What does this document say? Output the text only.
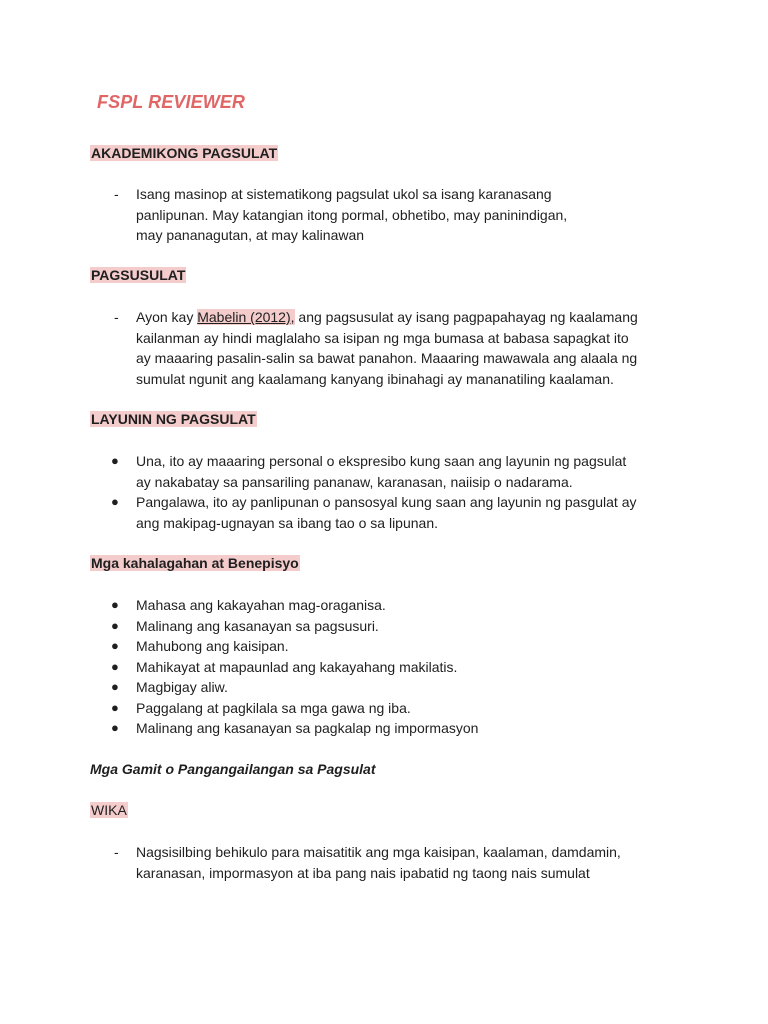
FSPL REVIEWER
AKADEMIKONG PAGSULAT
-	Isang masinop at sistematikong pagsulat ukol sa isang karanasang
panlipunan. May katangian itong pormal, obhetibo, may paninindigan,
may pananagutan, at may kalinawan
PAGSUSULAT
-	Ayon kay Mabelin (2012), ang pagsusulat ay isang pagpapahayag ng kaalamang
kailanman ay hindi maglalaho sa isipan ng mga bumasa at babasa sapagkat ito
ay maaaring pasalin-salin sa bawat panahon. Maaaring mawawala ang alaala ng
sumulat ngunit ang kaalamang kanyang ibinahagi ay mananatiling kaalaman.
LAYUNIN NG PAGSULAT
●	Una, ito ay maaaring personal o ekspresibo kung saan ang layunin ng pagsulat
ay nakabatay sa pansariling pananaw, karanasan, naiisip o nadarama.
●	Pangalawa, ito ay panlipunan o pansosyal kung saan ang layunin ng pasgulat ay
ang makipag-ugnayan sa ibang tao o sa lipunan.
Mga kahalagahan at Benepisyo
●	Mahasa ang kakayahan mag-oraganisa.
●	Malinang ang kasanayan sa pagsusuri.
●	Mahubong ang kaisipan.
●	Mahikayat at mapaunlad ang kakayahang makilatis.
●	Magbigay aliw.
●	Paggalang at pagkilala sa mga gawa ng iba.
●	Malinang ang kasanayan sa pagkalap ng impormasyon
Mga Gamit o Pangangailangan sa Pagsulat
WIKA
-	Nagsisilbing behikulo para maisatitik ang mga kaisipan, kaalaman, damdamin,
karanasan, impormasyon at iba pang nais ipabatid ng taong nais sumulat
